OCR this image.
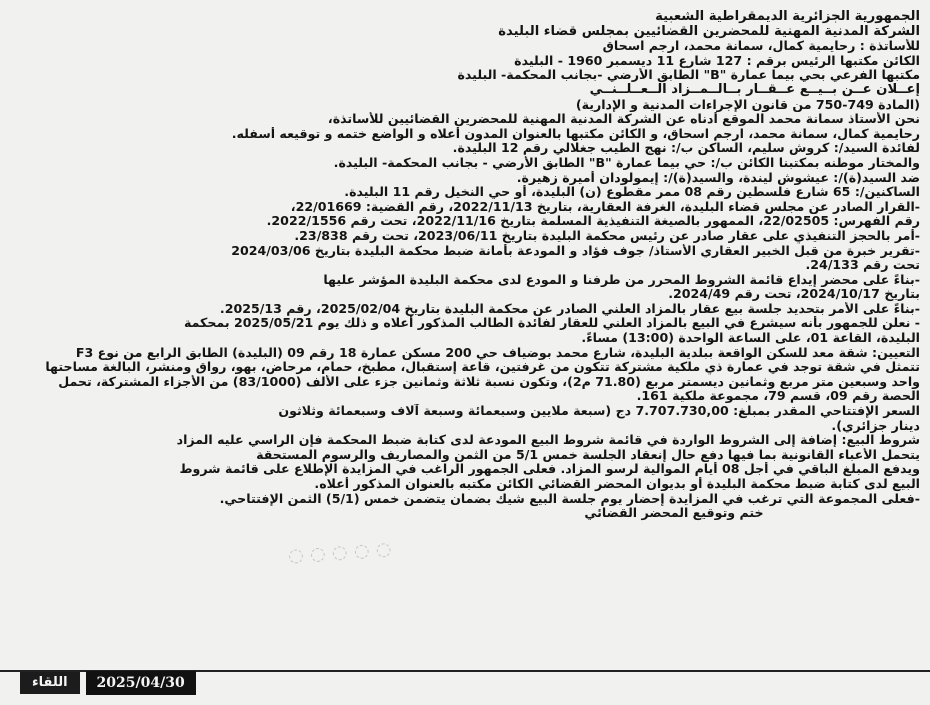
الجمهورية الجزائرية الديمقراطية الشعبية
الشركة المدنية المهنية للمحضرين القضائيين بمجلس قضاء البليدة
للأساتذة : رحايمية كمال، سمانة محمد، ارجم اسحاق
الكائن مكتبها الرئيس برقم : 127 شارع 11 ديسمبر 1960 - البليدة
مكتبها الفرعي بحي بيما عمارة "B" الطابق الأرضي -بجانب المحكمة- البليدة
إعــلان عــن بــيــع عــقــار بــالــمــزاد الــعــلــنــي
(المادة 749-750 من قانون الإجراءات المدنية و الإدارية)
نحن الأستاذ سمانة محمد الموقع أدناه عن الشركة المدنية المهنية للمحضرين القضائيين للأساتذة،
رحايمية كمال، سمانة محمد، ارجم اسحاق، و الكائن مكتبها بالعنوان المدون أعلاه و الواضع ختمه و توقيعه أسفله.
لفائدة السيد/: كروش سليم، الساكن ب/: نهج الطيب جغلالي رقم 12 البليدة.
والمختار موطنه بمكتبنا الكائن ب/: حي بيما عمارة "B" الطابق الأرضي - بجانب المحكمة- البليدة.
ضد السيد(ة)/: عيشوش ليندة، والسيد(ة)/: إيمولودان أميرة زهيرة.
الساكنين/: 65 شارع فلسطين رقم 08 ممر مقطوع (ن) البليدة، أو حي النخيل رقم 11 البليدة.
-القرار الصادر عن مجلس قضاء البليدة، الغرفة العقارية، بتاريخ 2022/11/13، رقم القضية: 22/01669،
رقم الفهرس: 22/02505، الممهور بالصيغة التنفيذية المسلمة بتاريخ 2022/11/16، تحت رقم 2022/1556.
-أمر بالحجز التنفيذي على عقار صادر عن رئيس محكمة البليدة بتاريخ 2023/06/11، تحت رقم 23/838.
-تقرير خبرة من قبل الخبير العقاري الأستاذ/ جوف فؤاد و المودعة بأمانة ضبط محكمة البليدة بتاريخ 2024/03/06
تحت رقم 24/133.
-بناءً على محضر إيداع قائمة الشروط المحرر من طرفنا و المودع لدى محكمة البليدة المؤشر عليها
بتاريخ 2024/10/17، تحت رقم 2024/49.
-بناءً على الأمر بتحديد جلسة بيع عقار بالمزاد العلني الصادر عن محكمة البليدة بتاريخ 2025/02/04، رقم 2025/13.
- نعلن للجمهور بأنه سيشرع في البيع بالمزاد العلني للعقار لفائدة الطالب المذكور أعلاه و ذلك يوم 2025/05/21 بمحكمة
البليدة، القاعة 01، على الساعة الواحدة (13:00) مساءً.
التعيين: شقة معد للسكن الواقعة ببلدية البليدة، شارع محمد بوضياف حي 200 مسكن عمارة 18 رقم 09 (البليدة) الطابق الرابع من نوع F3
تتمثل في شقة توجد في عمارة ذي ملكية مشتركة تتكون من غرفتين، قاعة إستقبال، مطبخ، حمام، مرحاض، بهو، رواق ومنشر، البالغة مساحتها
واحد وسبعين متر مربع وثمانين ديسمتر مربع (71.80 م2)، وتكون نسبة ثلاثة وثمانين جزء على الألف (83/1000) من الأجزاء المشتركة، تحمل
الحصة رقم 09، قسم 79، مجموعة ملكية 161.
السعر الإفتتاحي المقدر بمبلغ: 7.707.730,00 دج (سبعة ملايين وسبعمائة وسبعة آلاف وسبعمائة وثلاثون
دينار جزائري).
شروط البيع: إضافة إلى الشروط الواردة في قائمة شروط البيع المودعة لدى كتابة ضبط المحكمة فإن الراسي عليه المزاد
يتحمل الأعباء القانونية بما فيها دفع حال إنعقاد الجلسة خمس 5/1 من الثمن والمصاريف والرسوم المستحقة
ويدفع المبلغ الباقي في أجل 08 أيام الموالية لرسو المزاد. فعلى الجمهور الراغب في المزايدة الإطلاع على قائمة شروط
البيع لدى كتابة ضبط محكمة البليدة أو بديوان المحضر القضائي الكائن مكتبه بالعنوان المذكور أعلاه.
-فعلى المجموعة التي ترغب في المزايدة إحضار يوم جلسة البيع شيك بضمان يتضمن خمس (5/1) الثمن الإفتتاحي.
ختم وتوقيع المحضر القضائي
◌ ◌ ◌ ◌ ◌
2025/04/30
اللقاء
